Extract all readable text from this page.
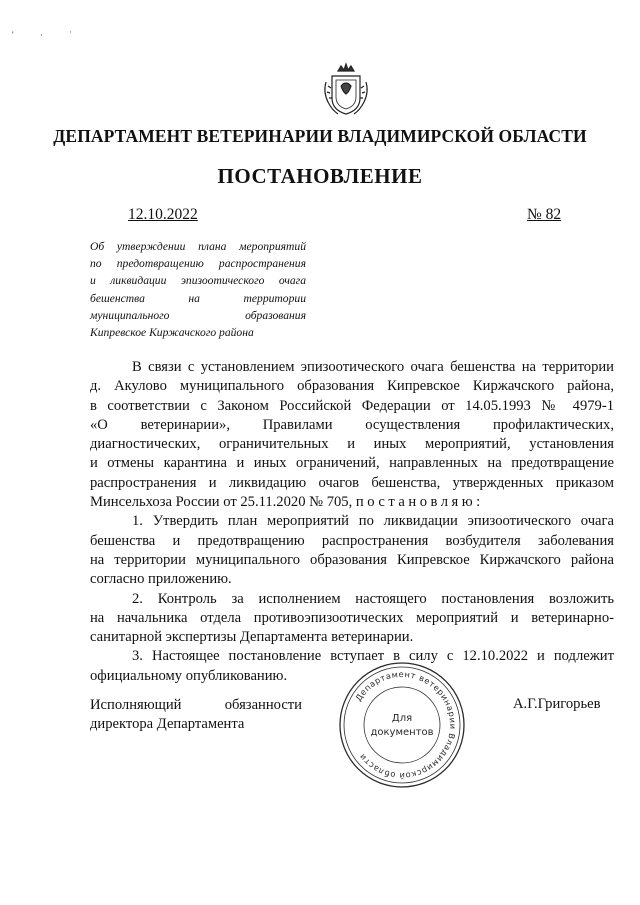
' · ˙
ДЕПАРТАМЕНТ ВЕТЕРИНАРИИ ВЛАДИМИРСКОЙ ОБЛАСТИ
ПОСТАНОВЛЕНИЕ
12.10.2022	№ 82
Об утверждении плана мероприятий
по предотвращению распространения
и ликвидации эпизоотического очага
бешенства на территории
муниципального образования
Кипревское Киржачского района
В связи с установлением эпизоотического очага бешенства на территории
д. Акулово муниципального образования Кипревское Киржачского района,
в соответствии с Законом Российской Федерации от 14.05.1993 № 4979-1
«О ветеринарии», Правилами осуществления профилактических,
диагностических, ограничительных и иных мероприятий, установления
и отмены карантина и иных ограничений, направленных на предотвращение
распространения и ликвидацию очагов бешенства, утвержденных приказом
Минсельхоза России от 25.11.2020 № 705, постановляю:
1. Утвердить план мероприятий по ликвидации эпизоотического очага
бешенства и предотвращению распространения возбудителя заболевания
на территории муниципального образования Кипревское Киржачского района
согласно приложению.
2. Контроль за исполнением настоящего постановления возложить
на начальника отдела противоэпизоотических мероприятий и ветеринарно-
санитарной экспертизы Департамента ветеринарии.
3. Настоящее постановление вступает в силу с 12.10.2022 и подлежит
официальному опубликованию.
Исполняющий обязанности
директора Департамента
А.Г.Григорьев
Департамент ветеринарии Владимирской области
Для
документов
